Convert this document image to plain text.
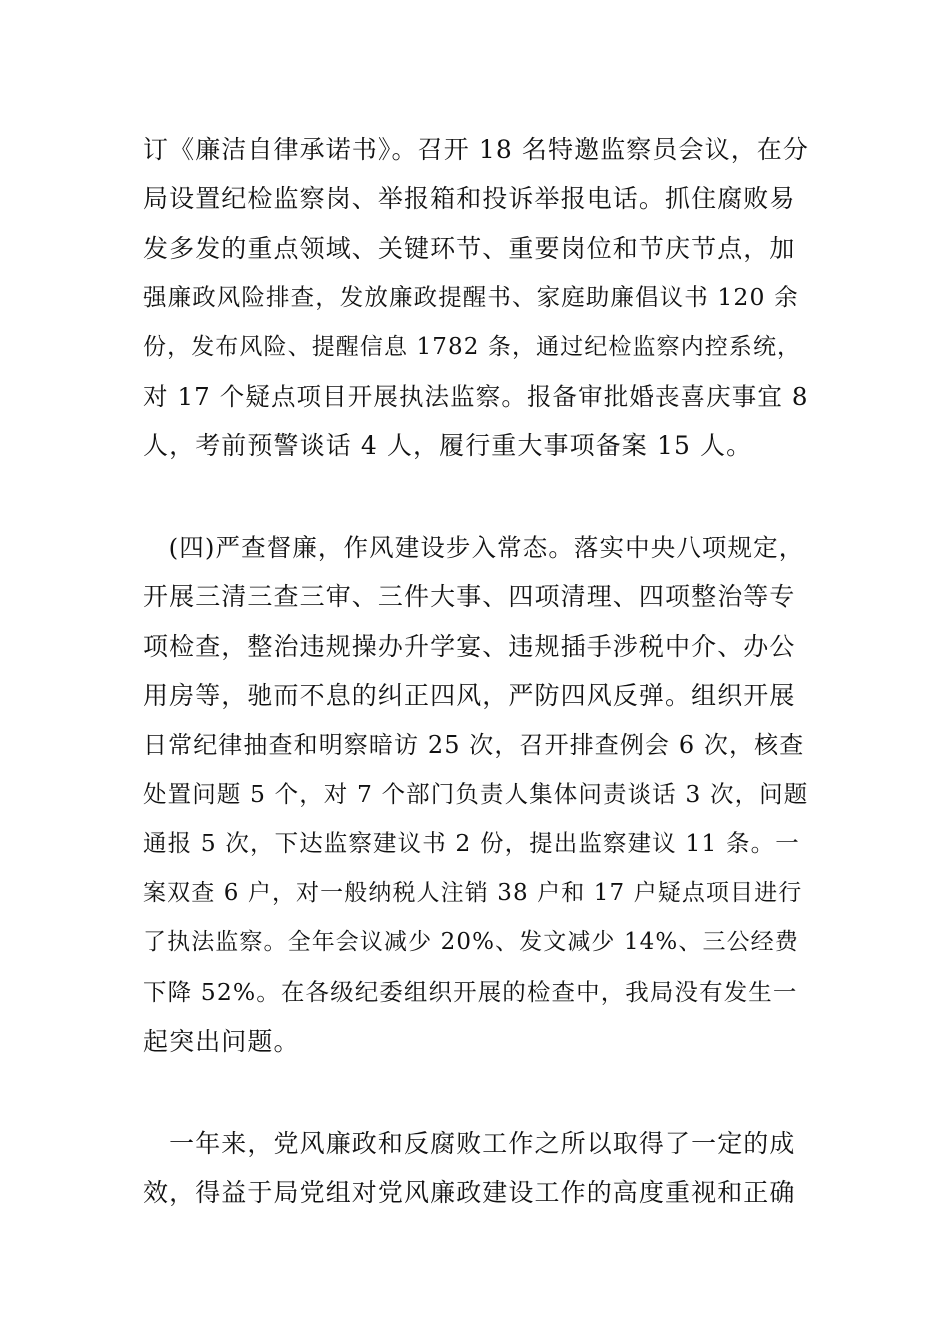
订《廉洁自律承诺书》。召开 18 名特邀监察员会议，在分
局设置纪检监察岗、举报箱和投诉举报电话。抓住腐败易
发多发的重点领域、关键环节、重要岗位和节庆节点，加
强廉政风险排查，发放廉政提醒书、家庭助廉倡议书 120 余
份，发布风险、提醒信息 1782 条，通过纪检监察内控系统，
对 17 个疑点项目开展执法监察。报备审批婚丧喜庆事宜 8
人，考前预警谈话 4 人，履行重大事项备案 15 人。
　(四)严查督廉，作风建设步入常态。落实中央八项规定，
开展三清三查三审、三件大事、四项清理、四项整治等专
项检查，整治违规操办升学宴、违规插手涉税中介、办公
用房等，驰而不息的纠正四风，严防四风反弹。组织开展
日常纪律抽查和明察暗访 25 次，召开排查例会 6 次，核查
处置问题 5 个，对 7 个部门负责人集体问责谈话 3 次，问题
通报 5 次，下达监察建议书 2 份，提出监察建议 11 条。一
案双查 6 户，对一般纳税人注销 38 户和 17 户疑点项目进行
了执法监察。全年会议减少 20%、发文减少 14%、三公经费
下降 52%。在各级纪委组织开展的检查中，我局没有发生一
起突出问题。
　一年来，党风廉政和反腐败工作之所以取得了一定的成
效，得益于局党组对党风廉政建设工作的高度重视和正确
